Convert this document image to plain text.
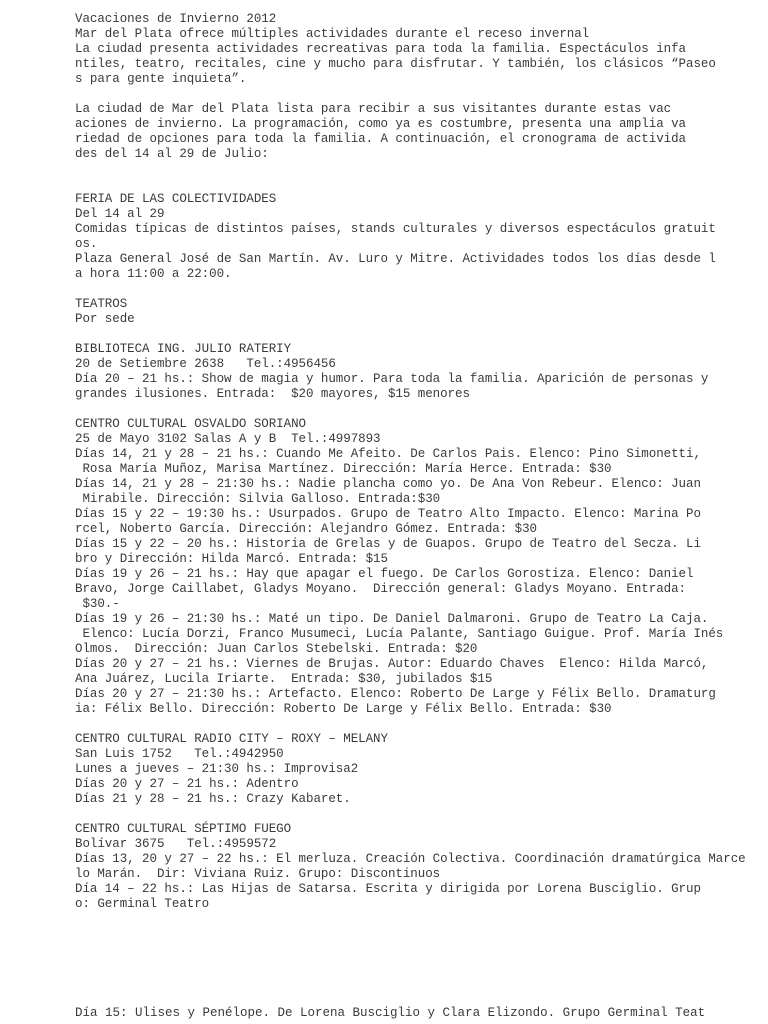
Vacaciones de Invierno 2012
Mar del Plata ofrece múltiples actividades durante el receso invernal
La ciudad presenta actividades recreativas para toda la familia. Espectáculos infa
ntiles, teatro, recitales, cine y mucho para disfrutar. Y también, los clásicos “Paseo
s para gente inquieta”.
La ciudad de Mar del Plata lista para recibir a sus visitantes durante estas vac
aciones de invierno. La programación, como ya es costumbre, presenta una amplia va
riedad de opciones para toda la familia. A continuación, el cronograma de activida
des del 14 al 29 de Julio:
FERIA DE LAS COLECTIVIDADES
Del 14 al 29
Comidas típicas de distintos países, stands culturales y diversos espectáculos gratuit
os.
Plaza General José de San Martín. Av. Luro y Mitre. Actividades todos los días desde l
a hora 11:00 a 22:00.
TEATROS
Por sede
BIBLIOTECA ING. JULIO RATERIY
20 de Setiembre 2638   Tel.:4956456
Día 20 – 21 hs.: Show de magia y humor. Para toda la familia. Aparición de personas y
grandes ilusiones. Entrada:  $20 mayores, $15 menores
CENTRO CULTURAL OSVALDO SORIANO
25 de Mayo 3102 Salas A y B  Tel.:4997893
Días 14, 21 y 28 – 21 hs.: Cuando Me Afeito. De Carlos Pais. Elenco: Pino Simonetti,
Rosa María Muñoz, Marisa Martínez. Dirección: María Herce. Entrada: $30
Días 14, 21 y 28 – 21:30 hs.: Nadie plancha como yo. De Ana Von Rebeur. Elenco: Juan
Mirabile. Dirección: Silvia Galloso. Entrada:$30
Días 15 y 22 – 19:30 hs.: Usurpados. Grupo de Teatro Alto Impacto. Elenco: Marina Po
rcel, Noberto García. Dirección: Alejandro Gómez. Entrada: $30
Días 15 y 22 – 20 hs.: Historia de Grelas y de Guapos. Grupo de Teatro del Secza. Li
bro y Dirección: Hilda Marcó. Entrada: $15
Días 19 y 26 – 21 hs.: Hay que apagar el fuego. De Carlos Gorostiza. Elenco: Daniel
Bravo, Jorge Caillabet, Gladys Moyano.  Dirección general: Gladys Moyano. Entrada:
$30.-
Días 19 y 26 – 21:30 hs.: Maté un tipo. De Daniel Dalmaroni. Grupo de Teatro La Caja.
Elenco: Lucía Dorzi, Franco Musumeci, Lucía Palante, Santiago Guigue. Prof. María Inés
Olmos.  Dirección: Juan Carlos Stebelski. Entrada: $20
Días 20 y 27 – 21 hs.: Viernes de Brujas. Autor: Eduardo Chaves  Elenco: Hilda Marcó,
Ana Juárez, Lucila Iriarte.  Entrada: $30, jubilados $15
Días 20 y 27 – 21:30 hs.: Artefacto. Elenco: Roberto De Large y Félix Bello. Dramaturg
ia: Félix Bello. Dirección: Roberto De Large y Félix Bello. Entrada: $30
CENTRO CULTURAL RADIO CITY – ROXY – MELANY
San Luis 1752   Tel.:4942950
Lunes a jueves – 21:30 hs.: Improvisa2
Días 20 y 27 – 21 hs.: Adentro
Días 21 y 28 – 21 hs.: Crazy Kabaret.
CENTRO CULTURAL SÉPTIMO FUEGO
Bolívar 3675   Tel.:4959572
Días 13, 20 y 27 – 22 hs.: El merluza. Creación Colectiva. Coordinación dramatúrgica Marce
lo Marán.  Dir: Viviana Ruiz. Grupo: Discontinuos
Día 14 – 22 hs.: Las Hijas de Satarsa. Escrita y dirigida por Lorena Busciglio. Grup
o: Germinal Teatro
Día 15: Ulises y Penélope. De Lorena Busciglio y Clara Elizondo. Grupo Germinal Teat
